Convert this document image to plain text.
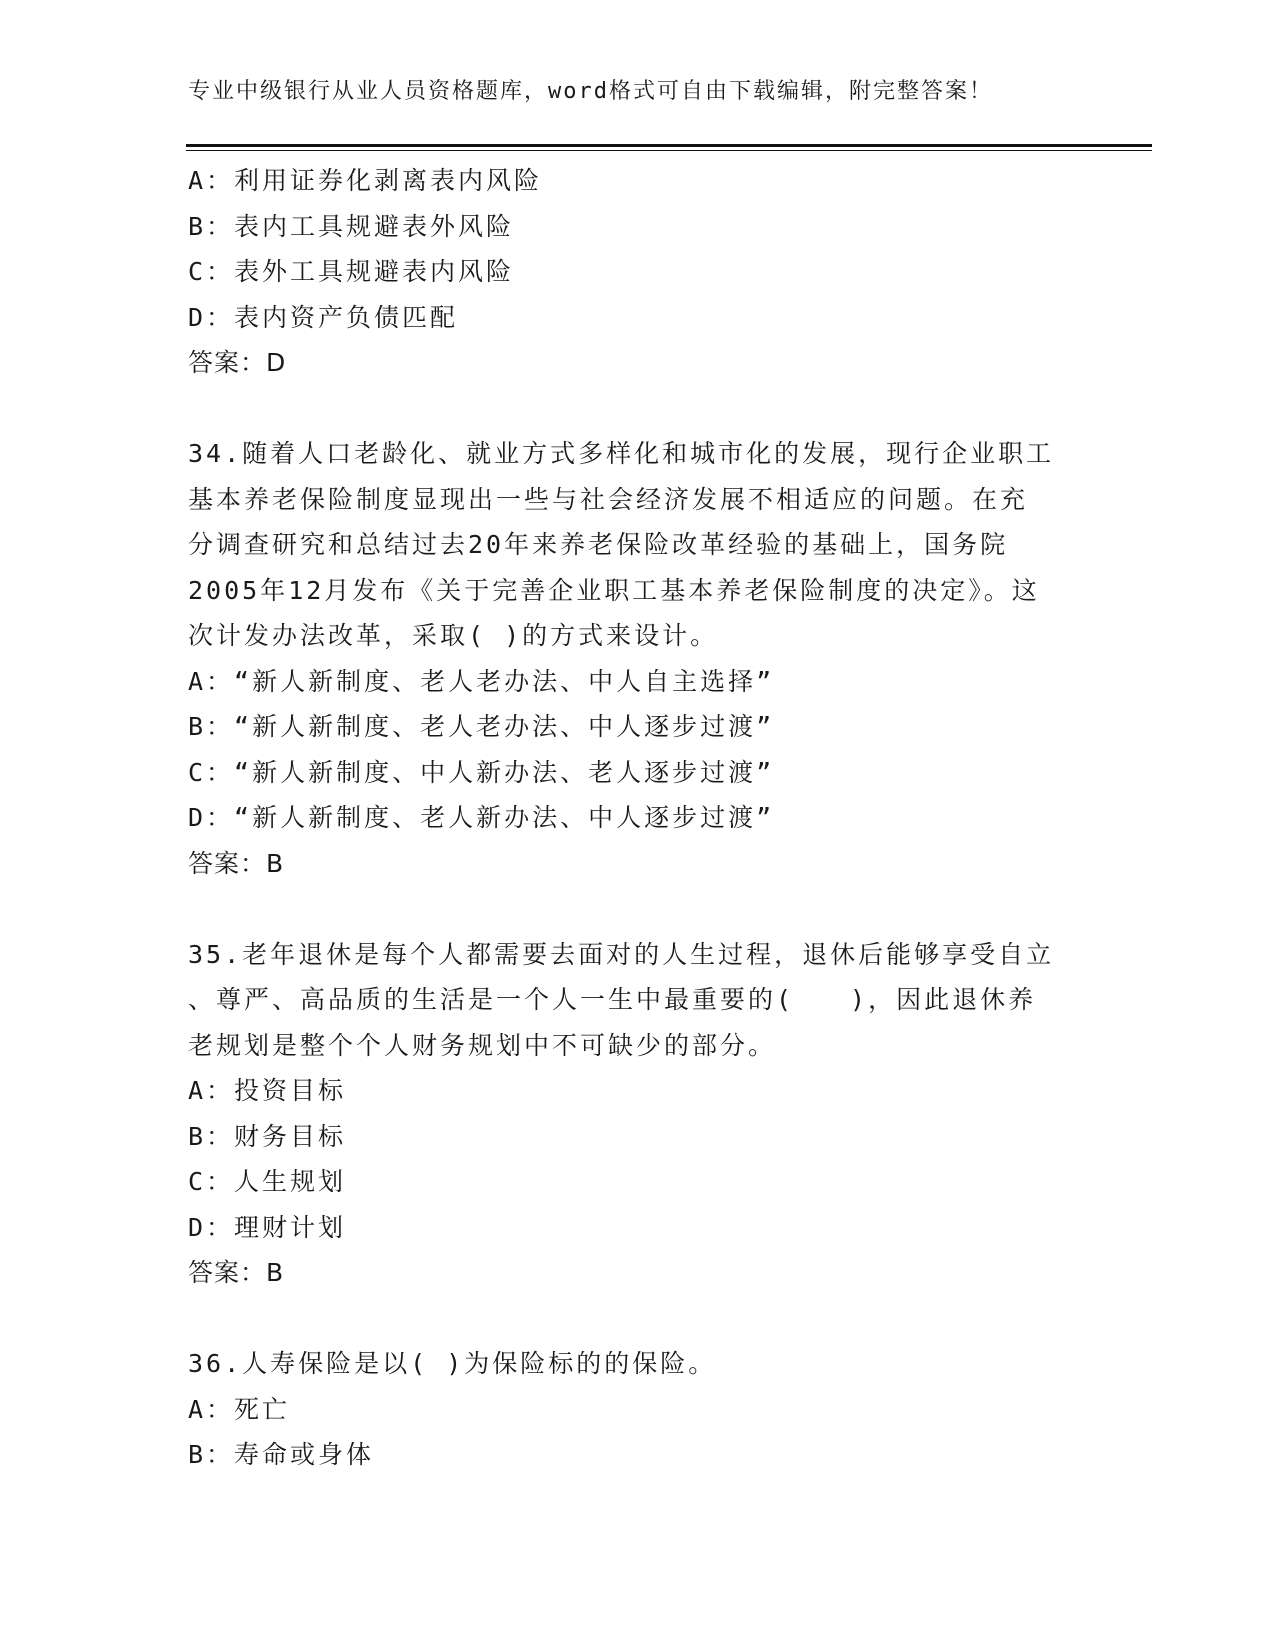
专业中级银行从业人员资格题库，word格式可自由下载编辑，附完整答案！
A：利用证券化剥离表内风险
B：表内工具规避表外风险
C：表外工具规避表内风险
D：表内资产负债匹配
答案：D
34.随着人口老龄化、就业方式多样化和城市化的发展，现行企业职工
基本养老保险制度显现出一些与社会经济发展不相适应的问题。在充
分调查研究和总结过去20年来养老保险改革经验的基础上，国务院
2005年12月发布《关于完善企业职工基本养老保险制度的决定》。这
次计发办法改革，采取( )的方式来设计。
A：“新人新制度、老人老办法、中人自主选择”
B：“新人新制度、老人老办法、中人逐步过渡”
C：“新人新制度、中人新办法、老人逐步过渡”
D：“新人新制度、老人新办法、中人逐步过渡”
答案：B
35.老年退休是每个人都需要去面对的人生过程，退休后能够享受自立
、尊严、高品质的生活是一个人一生中最重要的(　　)，因此退休养
老规划是整个个人财务规划中不可缺少的部分。
A：投资目标
B：财务目标
C：人生规划
D：理财计划
答案：B
36.人寿保险是以( )为保险标的的保险。
A：死亡
B：寿命或身体
